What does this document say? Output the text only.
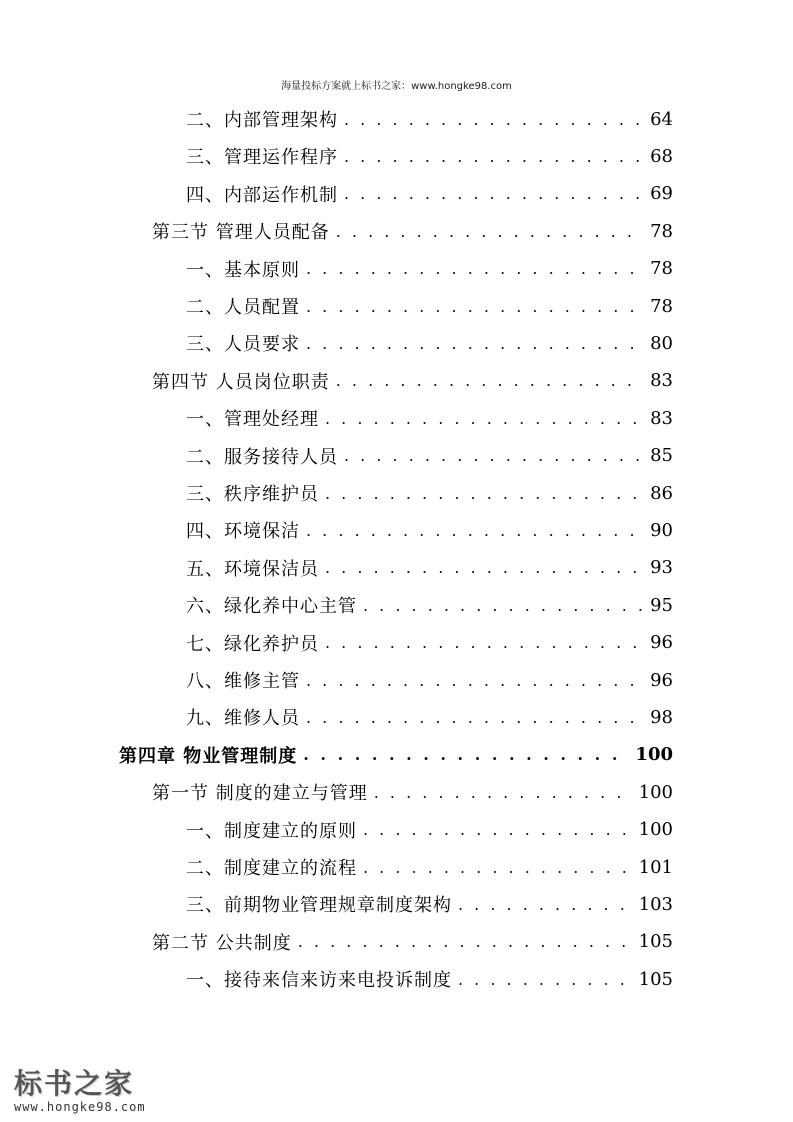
海量投标方案就上标书之家：www.hongke98.com
二、内部管理架构 . . .	64
三、管理运作程序 . . .	68
四、内部运作机制 . . .	69
第三节 管理人员配备 . . .	78
一、基本原则 . . .	78
二、人员配置 . . .	78
三、人员要求 . . .	80
第四节 人员岗位职责 . . .	83
一、管理处经理 . . .	83
二、服务接待人员 . . .	85
三、秩序维护员 . . .	86
四、环境保洁 . . .	90
五、环境保洁员 . . .	93
六、绿化养中心主管 . . .	95
七、绿化养护员 . . .	96
八、维修主管 . . .	96
九、维修人员 . . .	98
第四章 物业管理制度 . . .	100
第一节 制度的建立与管理 . . .	100
一、制度建立的原则 . . .	100
二、制度建立的流程 . . .	101
三、前期物业管理规章制度架构 . . .	103
第二节 公共制度 . . .	105
一、接待来信来访来电投诉制度 . . .	105
标书之家
www.hongke98.com
